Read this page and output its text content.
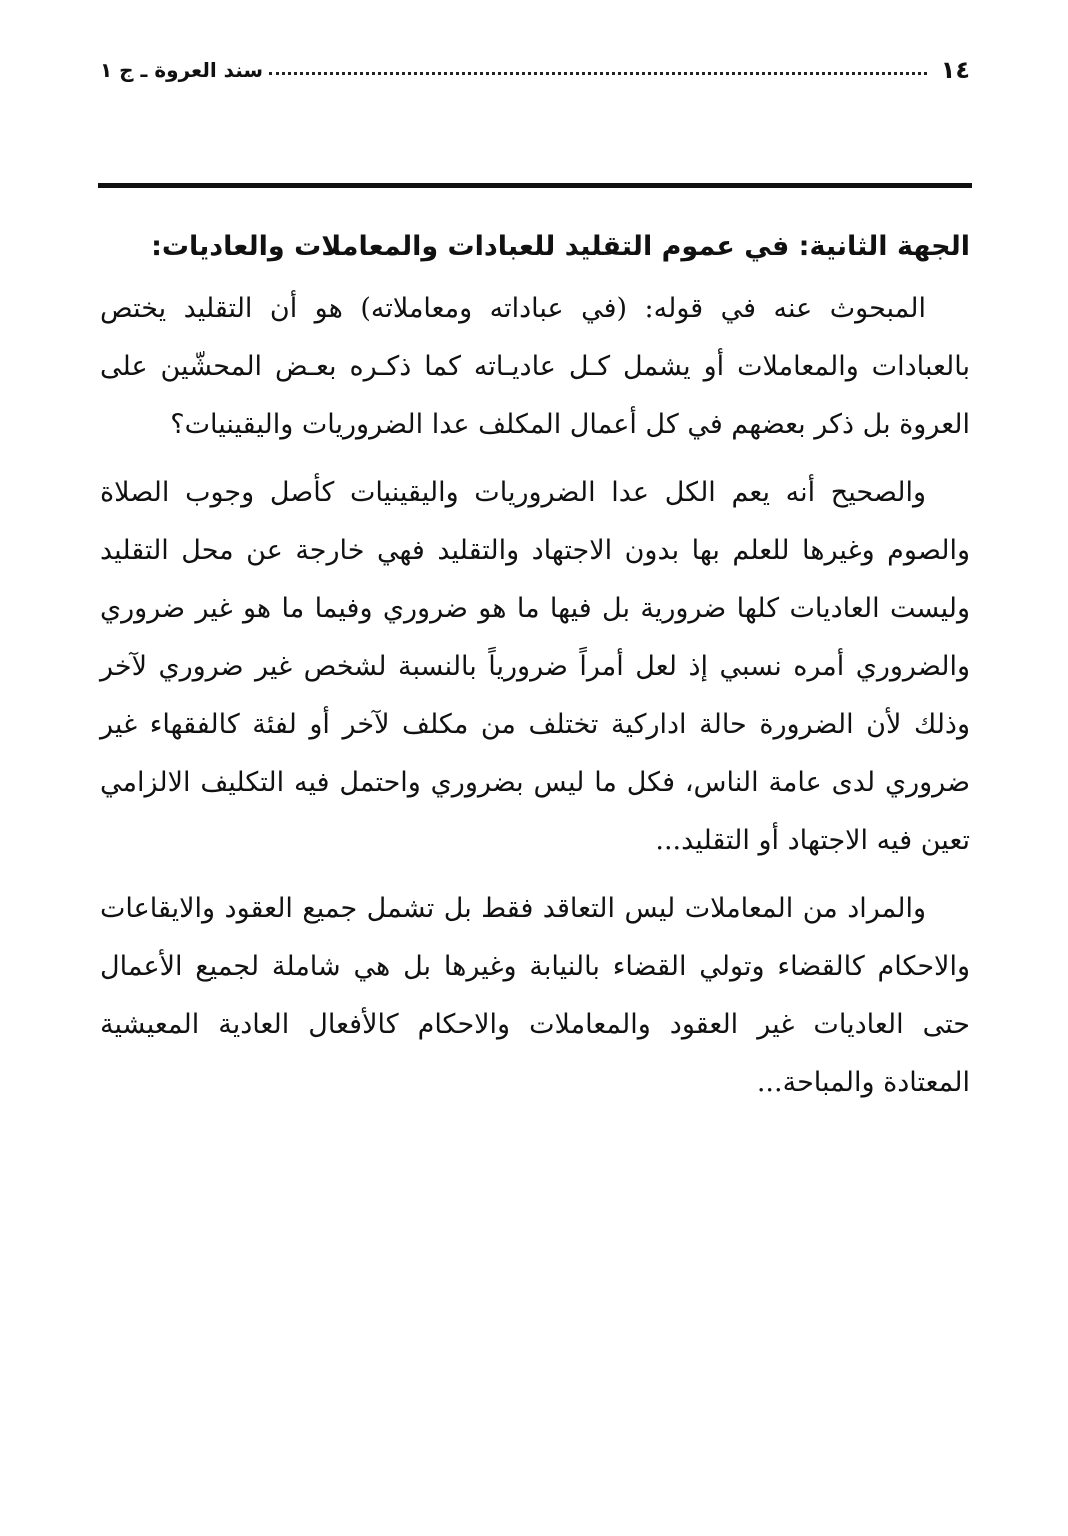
١٤
سند العروة ـ ج ١
الجهة الثانية: في عموم التقليد للعبادات والمعاملات والعاديات:

المبحوث عنه في قوله: (في عباداته ومعاملاته) هو أن التقليد يختص بالعبادات والمعاملات أو يشمل كـل عاديـاته كما ذكـره بعـض المحشّين على العروة بل ذكر بعضهم في كل أعمال المكلف عدا الضروريات واليقينيات؟

والصحيح أنه يعم الكل عدا الضروريات واليقينيات كأصل وجوب الصلاة والصوم وغيرها للعلم بها بدون الاجتهاد والتقليد فهي خارجة عن محل التقليد وليست العاديات كلها ضرورية بل فيها ما هو ضروري وفيما ما هو غير ضروري والضروري أمره نسبي إذ لعل أمراً ضرورياً بالنسبة لشخص غير ضروري لآخر وذلك لأن الضرورة حالة اداركية تختلف من مكلف لآخر أو لفئة كالفقهاء غير ضروري لدى عامة الناس، فكل ما ليس بضروري واحتمل فيه التكليف الالزامي تعين فيه الاجتهاد أو التقليد...

والمراد من المعاملات ليس التعاقد فقط بل تشمل جميع العقود والايقاعات والاحكام كالقضاء وتولي القضاء بالنيابة وغيرها بل هي شاملة لجميع الأعمال حتى العاديات غير العقود والمعاملات والاحكام كالأفعال العادية المعيشية المعتادة والمباحة...
